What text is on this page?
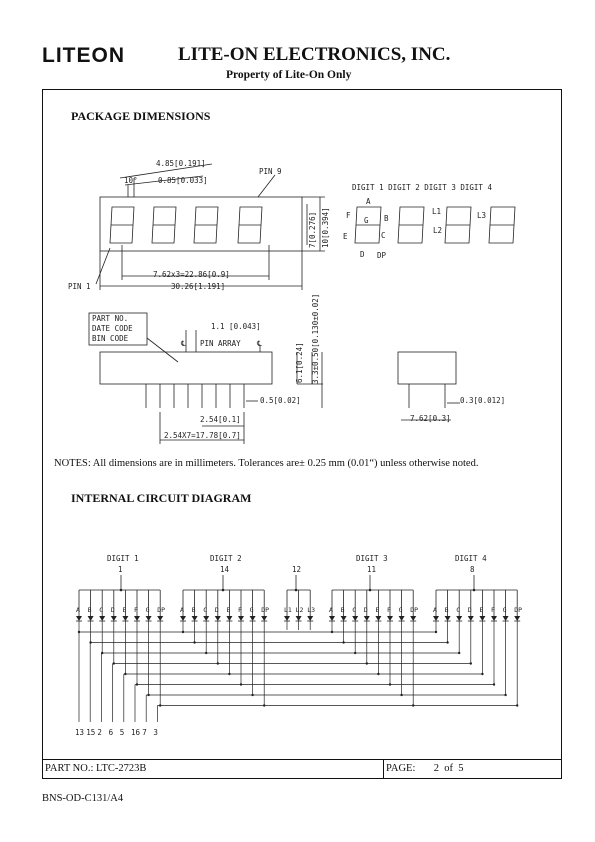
LITEON	LITE-ON ELECTRONICS, INC.
Property of Lite-On Only
PACKAGE DIMENSIONS
4.85[0.191]
0.85[0.033]
10°
PIN 9
PIN 1
7.62x3=22.86[0.9]
30.26[1.191]
7[0.276] 10[0.394]
DIGIT 1 DIGIT 2 DIGIT 3 DIGIT 4
A
B
C
D
E
F
G
DP
L1
L2
L3
PART NO.
DATE CODE
BIN CODE
1.1 [0.043]
℄ PIN ARRAY ℄	6.1[0.24] 3.3±0.50[0.130±0.02]
0.5[0.02]
2.54[0.1]
2.54X7=17.78[0.7]
7.62[0.3]
0.3[0.012]
NOTES: All dimensions are in millimeters. Tolerances are± 0.25 mm (0.01“) unless otherwise noted.
INTERNAL CIRCUIT DIAGRAM
DIGIT 1
1
DIGIT 2
14	12
DIGIT 3
11
DIGIT 4
8
A B C D E F G DP A B C D E F G DP L1 L2 L3 A B C D E F G DP A B C D E F G DP
13 15 2 6 5 16 7 3
PART NO.: LTC-2723B	PAGE: 2  of  5
BNS-OD-C131/A4
